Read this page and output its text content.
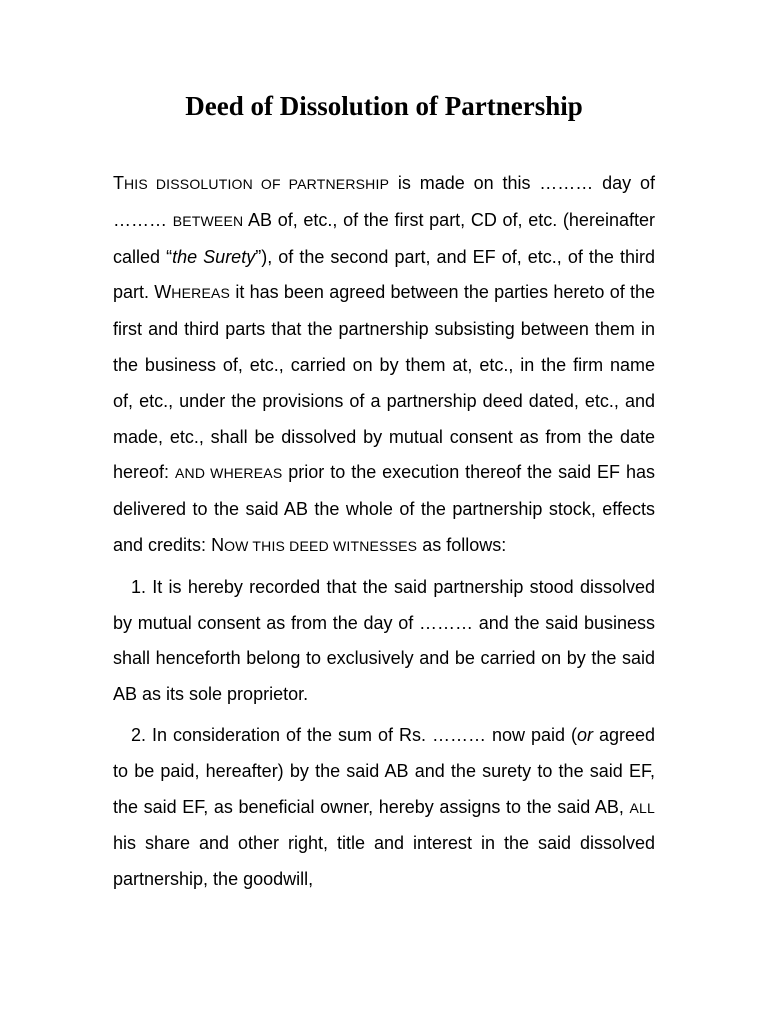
Deed of Dissolution of Partnership

THIS DISSOLUTION OF PARTNERSHIP is made on this ……… day of ……… BETWEEN AB of, etc., of the first part, CD of, etc. (hereinafter called “the Surety”), of the second part, and EF of, etc., of the third part. WHEREAS it has been agreed between the parties hereto of the first and third parts that the partnership subsisting between them in the business of, etc., carried on by them at, etc., in the firm name of, etc., under the provisions of a partnership deed dated, etc., and made, etc., shall be dissolved by mutual consent as from the date hereof: AND WHEREAS prior to the execution thereof the said EF has delivered to the said AB the whole of the partnership stock, effects and credits: NOW THIS DEED WITNESSES as follows:

1. It is hereby recorded that the said partnership stood dissolved by mutual consent as from the day of ……… and the said business shall henceforth belong to exclusively and be carried on by the said AB as its sole proprietor.

2. In consideration of the sum of Rs. ……… now paid (or agreed to be paid, hereafter) by the said AB and the surety to the said EF, the said EF, as beneficial owner, hereby assigns to the said AB, ALL his share and other right, title and interest in the said dissolved partnership, the goodwill,
